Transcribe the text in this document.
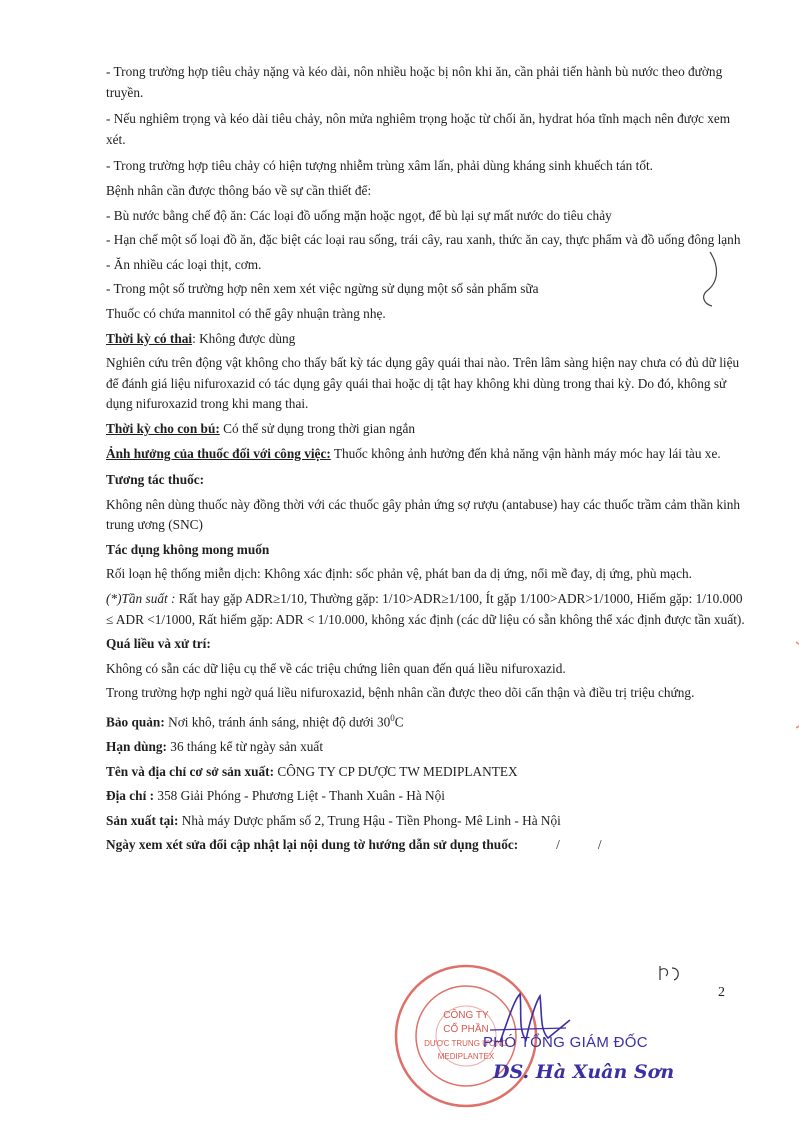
- Trong trường hợp tiêu chảy nặng và kéo dài, nôn nhiều hoặc bị nôn khi ăn, cần phải tiến hành bù nước theo đường truyền.

- Nếu nghiêm trọng và kéo dài tiêu chảy, nôn mửa nghiêm trọng hoặc từ chối ăn, hydrat hóa tĩnh mạch nên được xem xét.

- Trong trường hợp tiêu chảy có hiện tượng nhiễm trùng xâm lấn, phải dùng kháng sinh khuếch tán tốt.

Bệnh nhân cần được thông báo về sự cần thiết để:

- Bù nước bằng chế độ ăn: Các loại đồ uống mặn hoặc ngọt, để bù lại sự mất nước do tiêu chảy

- Hạn chế một số loại đồ ăn, đặc biệt các loại rau sống, trái cây, rau xanh, thức ăn cay, thực phẩm và đồ uống đông lạnh

- Ăn nhiều các loại thịt, cơm.

- Trong một số trường hợp nên xem xét việc ngừng sử dụng một số sản phẩm sữa

Thuốc có chứa mannitol có thể gây nhuận tràng nhẹ.

Thời kỳ có thai: Không được dùng

Nghiên cứu trên động vật không cho thấy bất kỳ tác dụng gây quái thai nào. Trên lâm sàng hiện nay chưa có đủ dữ liệu để đánh giá liệu nifuroxazid có tác dụng gây quái thai hoặc dị tật hay không khi dùng trong thai kỳ. Do đó, không sử dụng nifuroxazid trong khi mang thai.

Thời kỳ cho con bú: Có thể sử dụng trong thời gian ngắn

Ảnh hưởng của thuốc đối với công việc: Thuốc không ảnh hưởng đến khả năng vận hành máy móc hay lái tàu xe.

Tương tác thuốc:

Không nên dùng thuốc này đồng thời với các thuốc gây phản ứng sợ rượu (antabuse) hay các thuốc trầm cảm thần kinh trung ương (SNC)

Tác dụng không mong muốn

Rối loạn hệ thống miễn dịch: Không xác định: sốc phản vệ, phát ban da dị ứng, nổi mề đay, dị ứng, phù mạch.

(*)Tần suất : Rất hay gặp ADR≥1/10, Thường gặp: 1/10>ADR≥1/100, Ít gặp 1/100>ADR>1/1000, Hiếm gặp: 1/10.000 ≤ ADR <1/1000, Rất hiếm gặp: ADR < 1/10.000, không xác định (các dữ liệu có sẵn không thể xác định được tần xuất).

Quá liều và xử trí:

Không có sẵn các dữ liệu cụ thể về các triệu chứng liên quan đến quá liều nifuroxazid.

Trong trường hợp nghi ngờ quá liều nifuroxazid, bệnh nhân cần được theo dõi cẩn thận và điều trị triệu chứng.

Bảo quản: Nơi khô, tránh ánh sáng, nhiệt độ dưới $30^0C$

Hạn dùng: 36 tháng kể từ ngày sản xuất

Tên và địa chỉ cơ sở sản xuất: CÔNG TY CP DƯỢC TW MEDIPLANTEX

Địa chỉ : 358 Giải Phóng - Phương Liệt - Thanh Xuân - Hà Nội

Sản xuất tại: Nhà máy Dược phẩm số 2, Trung Hậu - Tiền Phong- Mê Linh - Hà Nội

Ngày xem xét sửa đổi cập nhật lại nội dung tờ hướng dẫn sử dụng thuốc:	/	/

2
CÔNG TY
CỔ PHẦN
DƯỢC TRUNG ƯƠNG
MEDIPLANTEX
PHÓ TỔNG GIÁM ĐỐC
DS. Hà Xuân Sơn
